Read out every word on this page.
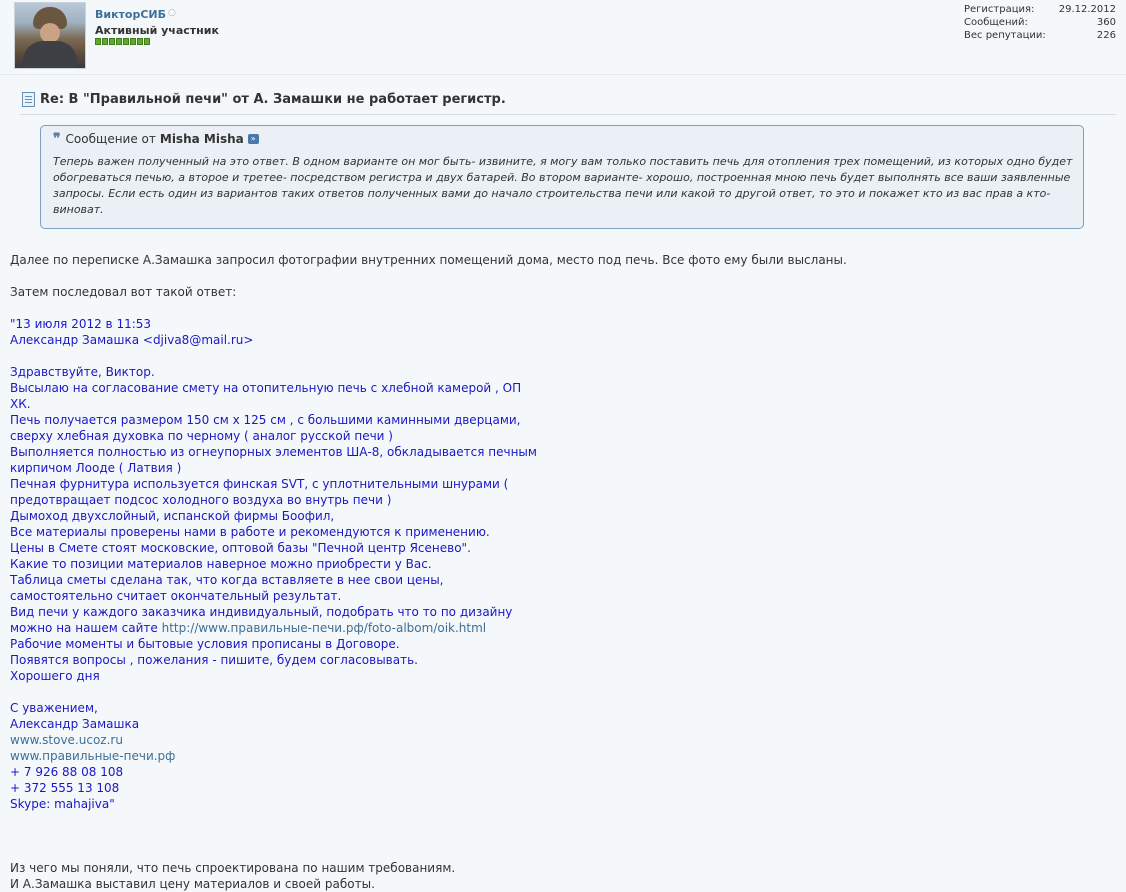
ВикторСИБ ○
Активный участник
Регистрация: 29.12.2012
Сообщений:	360
Вес репутации:	226
Re: В "Правильной печи" от А. Замашки не работает регистр.
❞ Сообщение от Misha Misha »
Теперь важен полученный на это ответ. В одном варианте он мог быть- извините, я могу вам только поставить печь для отопления трех помещений, из которых одно будет обогреваться печью, а второе и третее- посредством регистра и двух батарей. Во втором варианте- хорошо, построенная мною печь будет выполнять все ваши заявленные запросы. Если есть один из вариантов таких ответов полученных вами до начало строительства печи или какой то другой ответ, то это и покажет кто из вас прав а кто- виноват.

Далее по переписке А.Замашка запросил фотографии внутренних помещений дома, место под печь. Все фото ему были высланы.

Затем последовал вот такой ответ:

"13 июля 2012 в 11:53

Александр Замашка <djiva8@mail.ru>

Здравствуйте, Виктор.

Высылаю на согласование смету на отопительную печь с хлебной камерой , ОП

ХК.

Печь получается размером 150 см х 125 см , с большими каминными дверцами,

сверху хлебная духовка по черному ( аналог русской печи )

Выполняется полностью из огнеупорных элементов ША-8, обкладывается печным

кирпичом Лооде ( Латвия )

Печная фурнитура используется финская SVT, с уплотнительными шнурами (

предотвращает подсос холодного воздуха во внутрь печи )

Дымоход двухслойный, испанской фирмы Боофил,

Все материалы проверены нами в работе и рекомендуются к применению.

Цены в Смете стоят московские, оптовой базы "Печной центр Ясенево".

Какие то позиции материалов наверное можно приобрести у Вас.

Таблица сметы сделана так, что когда вставляете в нее свои цены,

самостоятельно считает окончательный результат.

Вид печи у каждого заказчика индивидуальный, подобрать что то по дизайну

можно на нашем сайте http://www.правильные-печи.рф/foto-albom/oik.html

Рабочие моменты и бытовые условия прописаны в Договоре.

Появятся вопросы , пожелания - пишите, будем согласовывать.

Хорошего дня

С уважением,

Александр Замашка

www.stove.ucoz.ru

www.правильные-печи.рф

+ 7 926 88 08 108

+ 372 555 13 108

Skype: mahajiva"

Из чего мы поняли, что печь спроектирована по нашим требованиям.

И А.Замашка выставил цену материалов и своей работы.
